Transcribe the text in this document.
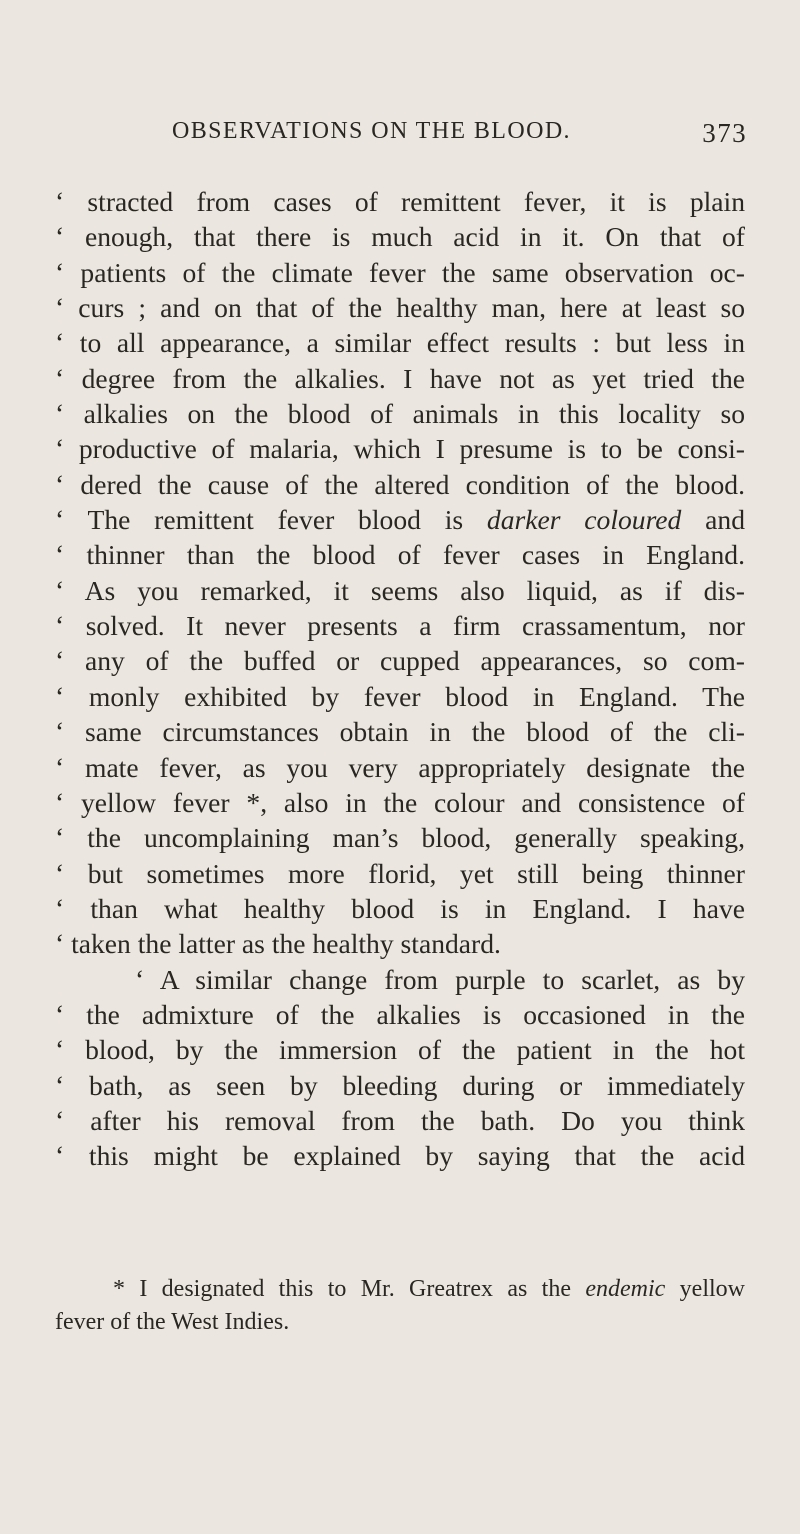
OBSERVATIONS ON THE BLOOD.	373
‘ stracted from cases of remittent fever, it is plain
‘ enough, that there is much acid in it. On that of
‘ patients of the climate fever the same observation oc-
‘ curs ; and on that of the healthy man, here at least so
‘ to all appearance, a similar effect results : but less in
‘ degree from the alkalies. I have not as yet tried the
‘ alkalies on the blood of animals in this locality so
‘ productive of malaria, which I presume is to be consi-
‘ dered the cause of the altered condition of the blood.
‘ The remittent fever blood is darker coloured and
‘ thinner than the blood of fever cases in England.
‘ As you remarked, it seems also liquid, as if dis-
‘ solved. It never presents a firm crassamentum, nor
‘ any of the buffed or cupped appearances, so com-
‘ monly exhibited by fever blood in England. The
‘ same circumstances obtain in the blood of the cli-
‘ mate fever, as you very appropriately designate the
‘ yellow fever *, also in the colour and consistence of
‘ the uncomplaining man’s blood, generally speaking,
‘ but sometimes more florid, yet still being thinner
‘ than what healthy blood is in England. I have
‘ taken the latter as the healthy standard.
‘ A similar change from purple to scarlet, as by
‘ the admixture of the alkalies is occasioned in the
‘ blood, by the immersion of the patient in the hot
‘ bath, as seen by bleeding during or immediately
‘ after his removal from the bath. Do you think
‘ this might be explained by saying that the acid
* I designated this to Mr. Greatrex as the endemic yellow
fever of the West Indies.
